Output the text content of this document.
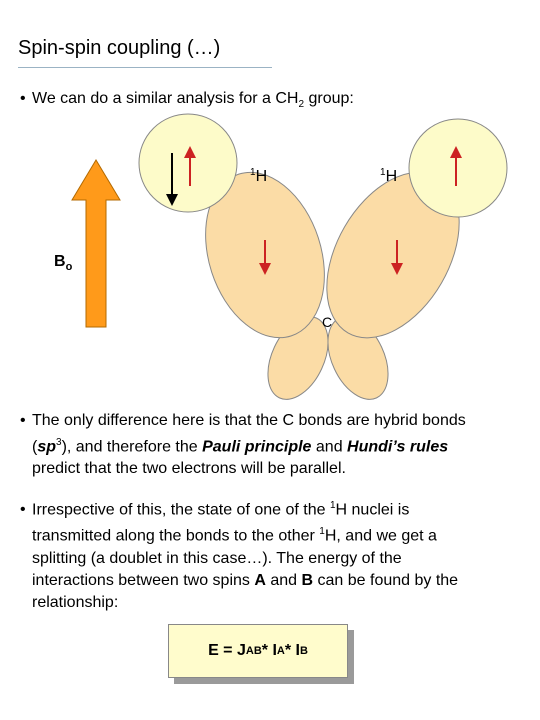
Spin-spin coupling (…)
• We can do a similar analysis for a $CH_2$ group:
$^1$H	$^1$H
$B_o$
C
• The only difference here is that the C bonds are hybrid bonds
$(sp^3)$, and therefore the Pauli principle and Hundi’s rules
predict that the two electrons will be parallel.
• Irrespective of this, the state of one of the $^1$H nuclei is
transmitted along the bonds to the other $^1$H, and we get a
splitting (a doublet in this case…). The energy of the
interactions between two spins A and B can be found by the
relationship:
E = J AB * I A * I B
